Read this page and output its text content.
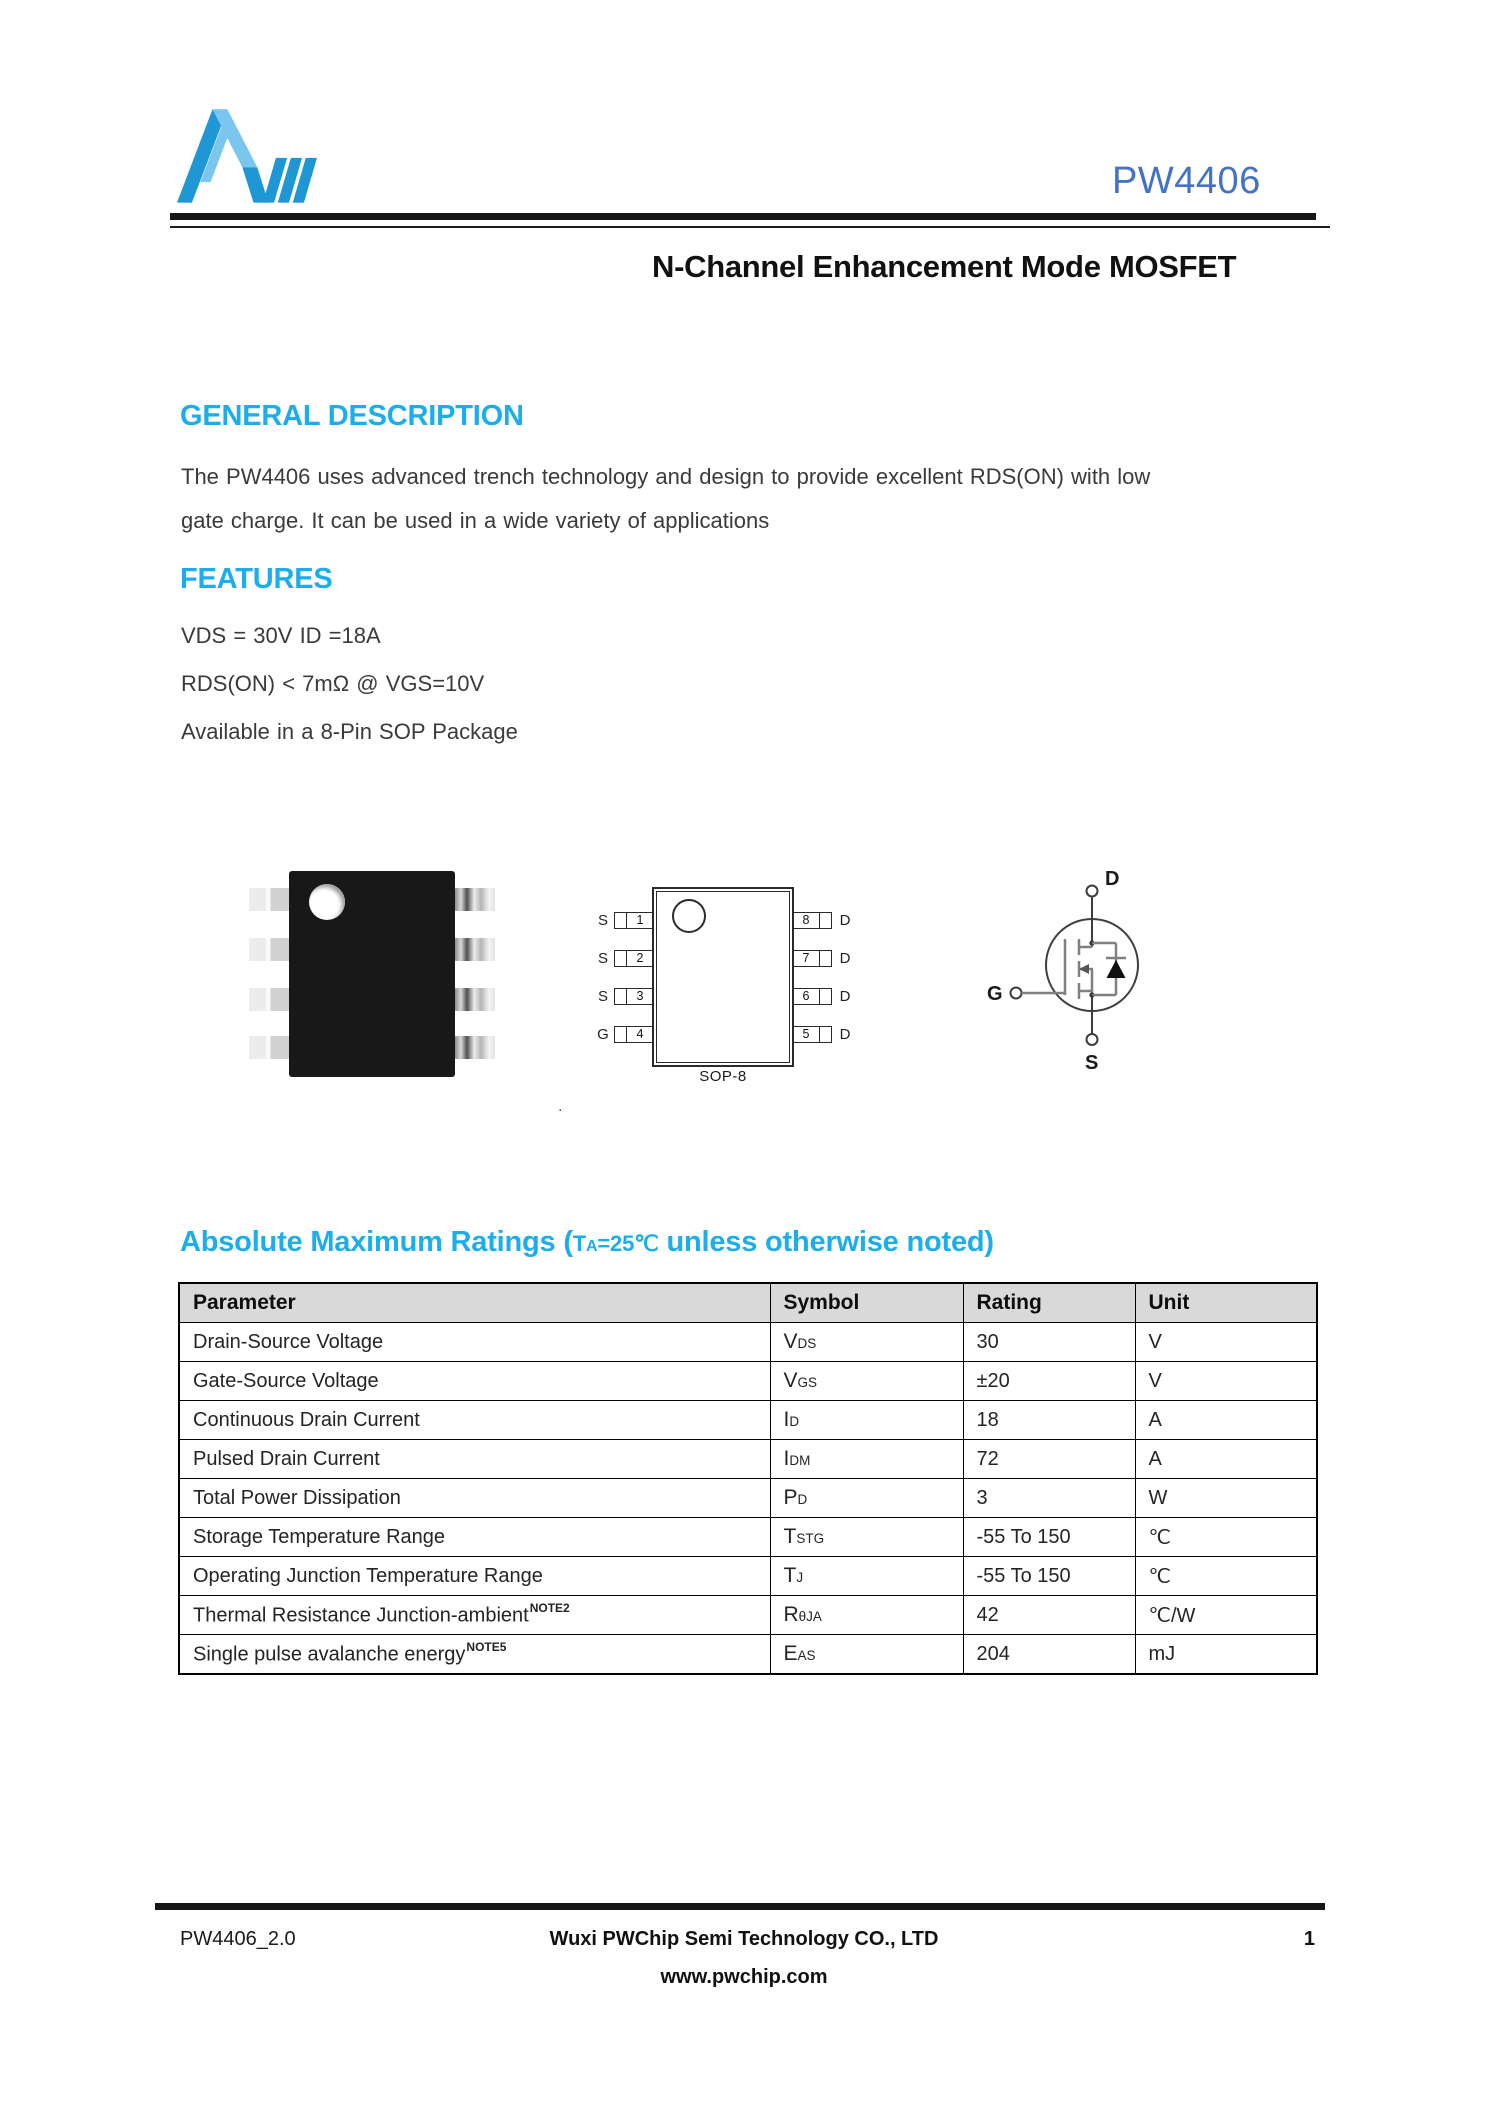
PW4406
N-Channel Enhancement Mode MOSFET
GENERAL DESCRIPTION
The PW4406 uses advanced trench technology and design to provide excellent RDS(ON) with low
gate charge. It can be used in a wide variety of applications
FEATURES
VDS = 30V ID =18A
RDS(ON) < 7mΩ @ VGS=10V
Available in a 8-Pin SOP Package
S	1
S	2
S	3
G	4
8	D
7	D
6	D
5	D
SOP-8
.
D
G
S
Absolute Maximum Ratings (TA=25℃ unless otherwise noted)
Parameter	Symbol	Rating	Unit
Drain-Source Voltage	VDS	30	V
Gate-Source Voltage	VGS	±20	V
Continuous Drain Current	ID	18	A
Pulsed Drain Current	IDM	72	A
Total Power Dissipation	PD	3	W
Storage Temperature Range	TSTG	-55 To 150	℃
Operating Junction Temperature Range	TJ	-55 To 150	℃
Thermal Resistance Junction-ambient$^{NOTE2}$	RθJA	42	℃/W
Single pulse avalanche energy$^{NOTE5}$	EAS	204	mJ
PW4406_2.0	Wuxi PWChip Semi Technology CO., LTD	1
www.pwchip.com
